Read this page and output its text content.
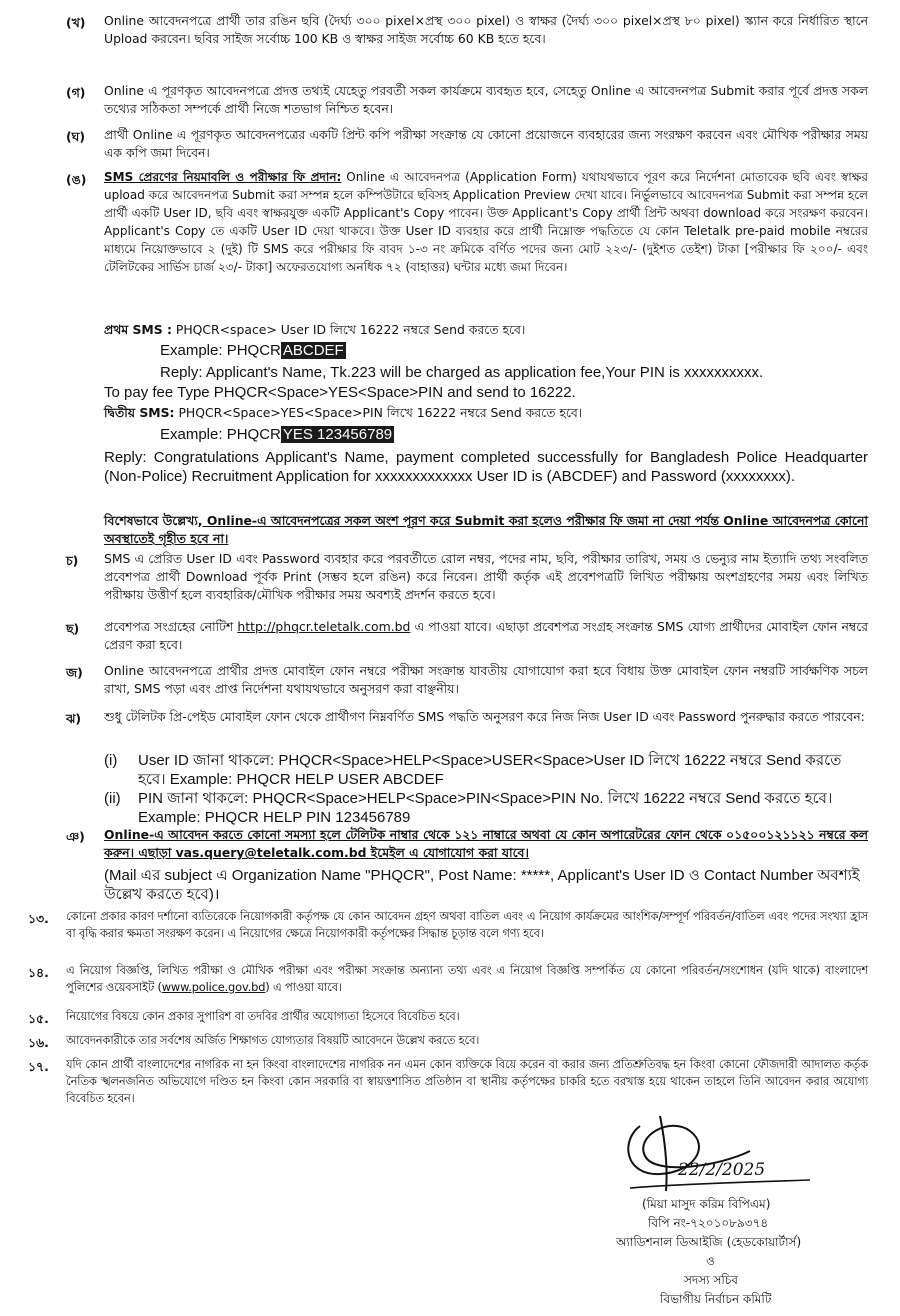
(খ) Online আবেদনপত্রে প্রার্থী তার রঙিন ছবি (দৈর্ঘ্য ৩০০ pixel×প্রস্থ ৩০০ pixel) ও স্বাক্ষর (দৈর্ঘ্য ৩০০ pixel×প্রস্থ ৮০ pixel) স্ক্যান করে নির্ধারিত স্থানে Upload করবেন। ছবির সাইজ সর্বোচ্চ 100 KB ও স্বাক্ষর সাইজ সর্বোচ্চ 60 KB হতে হবে।
(গ) Online এ পূরণকৃত আবেদনপত্রে প্রদত্ত তথ্যই যেহেতু পরবর্তী সকল কার্যক্রমে ব্যবহৃত হবে, সেহেতু Online এ আবেদনপত্র Submit করার পূর্বে প্রদত্ত সকল তথ্যের সঠিকতা সম্পর্কে প্রার্থী নিজে শতভাগ নিশ্চিত হবেন।
(ঘ) প্রার্থী Online এ পূরণকৃত আবেদনপত্রের একটি প্রিন্ট কপি পরীক্ষা সংক্রান্ত যে কোনো প্রয়োজনে ব্যবহারের জন্য সংরক্ষণ করবেন এবং মৌখিক পরীক্ষার সময় এক কপি জমা দিবেন।
(ঙ) SMS প্রেরণের নিয়মাবলি ও পরীক্ষার ফি প্রদান: Online এ আবেদনপত্র (Application Form) যথাযথভাবে পূরণ করে নির্দেশনা মোতাবেক ছবি এবং স্বাক্ষর upload করে আবেদনপত্র Submit করা সম্পন্ন হলে কম্পিউটারে ছবিসহ Application Preview দেখা যাবে। নির্ভুলভাবে আবেদনপত্র Submit করা সম্পন্ন হলে প্রার্থী একটি User ID, ছবি এবং স্বাক্ষরযুক্ত একটি Applicant's Copy পাবেন। উক্ত Applicant's Copy প্রার্থী প্রিন্ট অথবা download করে সংরক্ষণ করবেন। Applicant's Copy তে একটি User ID দেয়া থাকবে। উক্ত User ID ব্যবহার করে প্রার্থী নিম্নোক্ত পদ্ধতিতে যে কোন Teletalk pre-paid mobile নম্বরের মাধ্যমে নিয়োক্তভাবে ২ (দুই) টি SMS করে পরীক্ষার ফি বাবদ ১-৩ নং ক্রমিকে বর্ণিত পদের জন্য মোট ২২৩/- (দুইশত তেইশ) টাকা [পরীক্ষার ফি ২০০/- এবং টেলিটকের সার্ভিস চার্জ ২৩/- টাকা] অফেরতযোগ্য অনধিক ৭২ (বাহাত্তর) ঘন্টার মধ্যে জমা দিবেন।
প্রথম SMS : PHQCR<space> User ID লিখে 16222 নম্বরে Send করতে হবে।
Example: PHQCR ABCDEF
Reply: Applicant's Name, Tk.223 will be charged as application fee,Your PIN is xxxxxxxxxx.
To pay fee Type PHQCR<Space>YES<Space>PIN and send to 16222.
দ্বিতীয় SMS: PHQCR<Space>YES<Space>PIN লিখে 16222 নম্বরে Send করতে হবে।
Example: PHQCR YES 123456789
Reply: Congratulations Applicant's Name, payment completed successfully for Bangladesh Police Headquarter (Non-Police) Recruitment Application for xxxxxxxxxxxxx User ID is (ABCDEF) and Password (xxxxxxxx).
বিশেষভাবে উল্লেখ্য, Online-এ আবেদনপত্রের সকল অংশ পূরণ করে Submit করা হলেও পরীক্ষার ফি জমা না দেয়া পর্যন্ত Online আবেদনপত্র কোনো অবস্থাতেই গৃহীত হবে না।
চ) SMS এ প্রেরিত User ID এবং Password ব্যবহার করে পরবর্তীতে রোল নম্বর, পদের নাম, ছবি, পরীক্ষার তারিখ, সময় ও ভেন্যুর নাম ইত্যাদি তথ্য সংবলিত প্রবেশপত্র প্রার্থী Download পূর্বক Print (সম্ভব হলে রঙিন) করে নিবেন। প্রার্থী কর্তৃক এই প্রবেশপত্রটি লিখিত পরীক্ষায় অংশগ্রহণের সময় এবং লিখিত পরীক্ষায় উত্তীর্ণ হলে ব্যবহারিক/মৌখিক পরীক্ষার সময় অবশ্যই প্রদর্শন করতে হবে।
ছ) প্রবেশপত্র সংগ্রহের নোটিশ http://phqcr.teletalk.com.bd এ পাওয়া যাবে। এছাড়া প্রবেশপত্র সংগ্রহ সংক্রান্ত SMS যোগ্য প্রার্থীদের মোবাইল ফোন নম্বরে প্রেরণ করা হবে।
জ) Online আবেদনপত্রে প্রার্থীর প্রদত্ত মোবাইল ফোন নম্বরে পরীক্ষা সংক্রান্ত যাবতীয় যোগাযোগ করা হবে বিধায় উক্ত মোবাইল ফোন নম্বরটি সার্বক্ষণিক সচল রাখা, SMS পড়া এবং প্রাপ্ত নির্দেশনা যথাযথভাবে অনুসরণ করা বাঞ্ছনীয়।
ঝ) শুধু টেলিটক প্রি-পেইড মোবাইল ফোন থেকে প্রার্থীগণ নিম্নবর্ণিত SMS পদ্ধতি অনুসরণ করে নিজ নিজ User ID এবং Password পুনরুদ্ধার করতে পারবেন:
(i) User ID জানা থাকলে: PHQCR<Space>HELP<Space>USER<Space>User ID লিখে 16222 নম্বরে Send করতে হবে। Example: PHQCR HELP USER ABCDEF
(ii) PIN জানা থাকলে: PHQCR<Space>HELP<Space>PIN<Space>PIN No. লিখে 16222 নম্বরে Send করতে হবে। Example: PHQCR HELP PIN 123456789
ঞ) Online-এ আবেদন করতে কোনো সমস্যা হলে টেলিটক নাম্বার থেকে ১২১ নাম্বারে অথবা যে কোন অপারেটরের ফোন থেকে ০১৫০০১২১১২১ নম্বরে কল করুন। এছাড়া vas.query@teletalk.com.bd ইমেইল এ যোগাযোগ করা যাবে।
(Mail এর subject এ Organization Name "PHQCR", Post Name: *****, Applicant's User ID ও Contact Number অবশ্যই উল্লেখ করতে হবে)।
১৩. কোনো প্রকার কারণ দর্শানো ব্যতিরেকে নিয়োগকারী কর্তৃপক্ষ যে কোন আবেদন গ্রহণ অথবা বাতিল এবং এ নিয়োগ কার্যক্রমের আংশিক/সম্পূর্ণ পরিবর্তন/বাতিল এবং পদের সংখ্যা হ্রাস বা বৃদ্ধি করার ক্ষমতা সংরক্ষণ করেন। এ নিয়োগের ক্ষেত্রে নিয়োগকারী কর্তৃপক্ষের সিদ্ধান্ত চূড়ান্ত বলে গণ্য হবে।
১৪. এ নিয়োগ বিজ্ঞপ্তি, লিখিত পরীক্ষা ও মৌখিক পরীক্ষা এবং পরীক্ষা সংক্রান্ত অন্যান্য তথ্য এবং এ নিয়োগ বিজ্ঞপ্তি সম্পর্কিত যে কোনো পরিবর্তন/সংশোধন (যদি থাকে) বাংলাদেশ পুলিশের ওয়েবসাইট (www.police.gov.bd) এ পাওয়া যাবে।
১৫. নিয়োগের বিষয়ে কোন প্রকার সুপারিশ বা তদবির প্রার্থীর অযোগ্যতা হিসেবে বিবেচিত হবে।
১৬. আবেদনকারীকে তার সর্বশেষ অর্জিত শিক্ষাগত যোগ্যতার বিষয়টি আবেদনে উল্লেখ করতে হবে।
১৭. যদি কোন প্রার্থী বাংলাদেশের নাগরিক না হন কিংবা বাংলাদেশের নাগরিক নন এমন কোন ব্যক্তিকে বিয়ে করেন বা করার জন্য প্রতিশ্রুতিবদ্ধ হন কিংবা কোনো ফৌজদারী আদালত কর্তৃক নৈতিক স্খলনজনিত অভিযোগে দণ্ডিত হন কিংবা কোন সরকারি বা স্বায়ত্তশাসিত প্রতিষ্ঠান বা স্থানীয় কর্তৃপক্ষের চাকরি হতে বরখাস্ত হয়ে থাকেন তাহলে তিনি আবেদন করার অযোগ্য বিবেচিত হবেন।
22/2/2025
(মিয়া মাসুদ করিম বিপিএম)
বিপি নং-৭২০১০৮৯৩৭৪
অ্যাডিশনাল ডিআইজি (হেডকোয়ার্টার্স)
ও
সদস্য সচিব
বিভাগীয় নির্বাচন কমিটি
